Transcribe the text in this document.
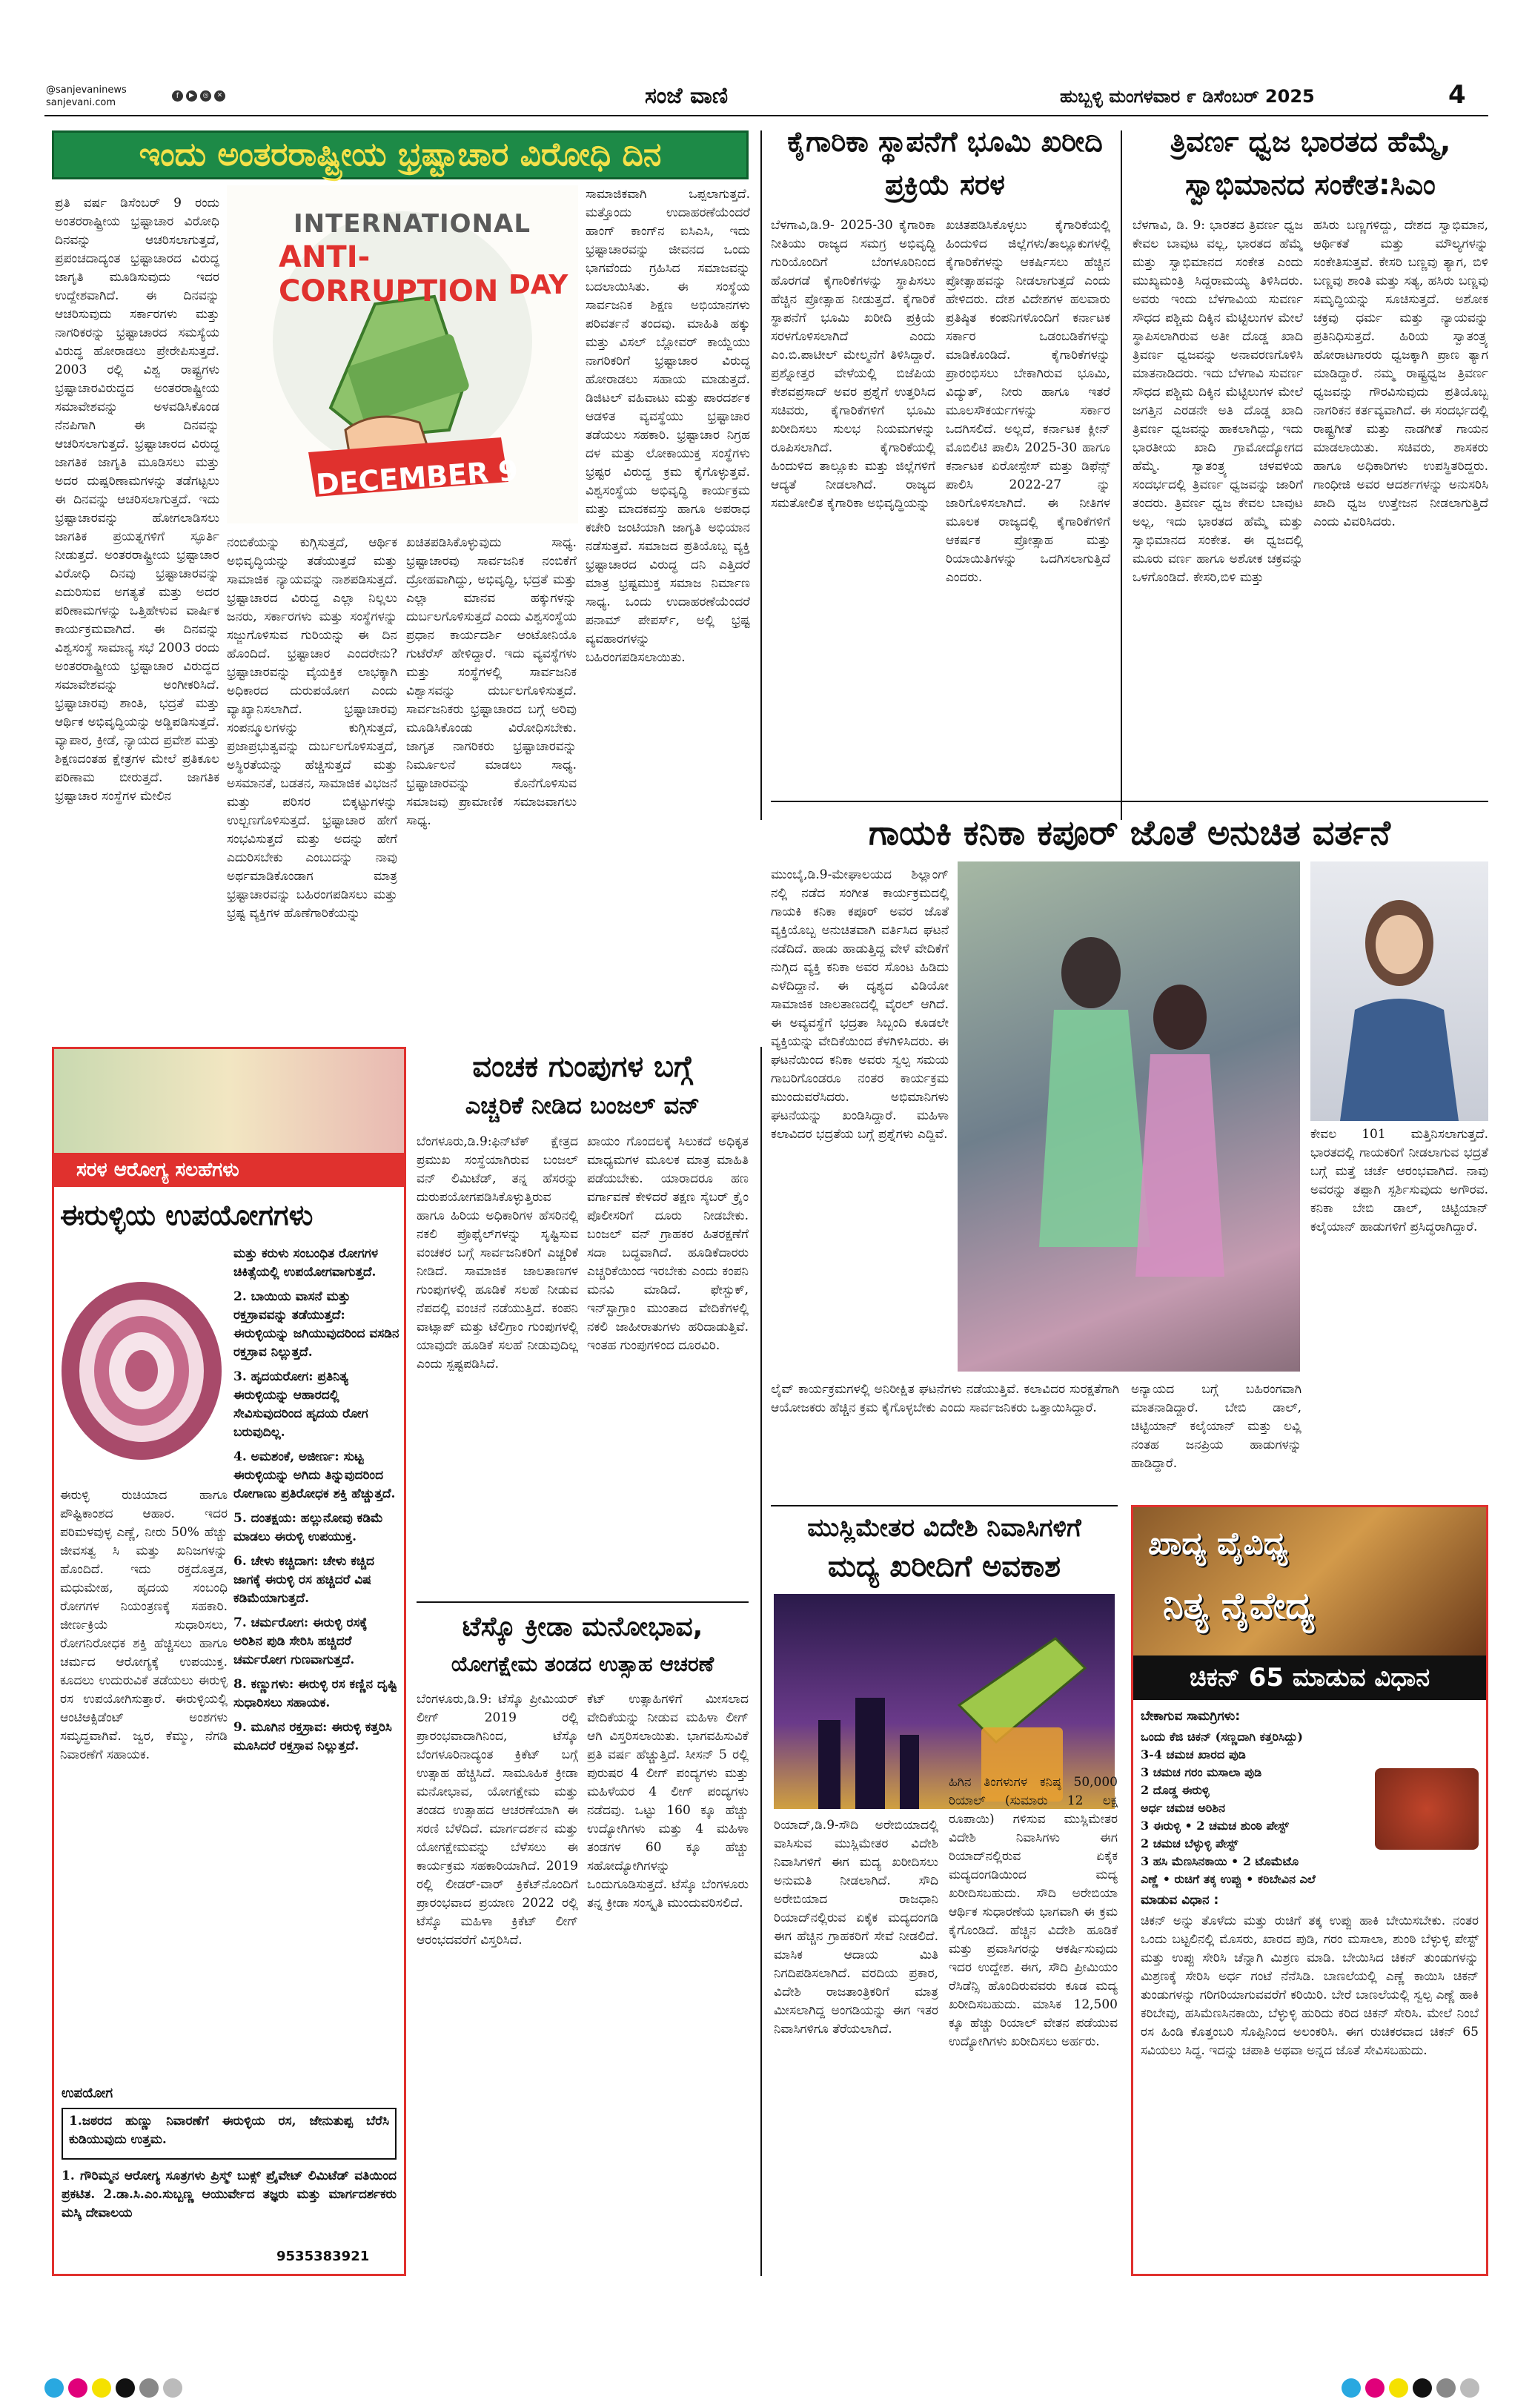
@sanjevaninews
sanjevani.com
f	▶	◎	✕	ಸಂಜೆ ವಾಣಿ	ಹುಬ್ಬಳ್ಳಿ ಮಂಗಳವಾರ ೯ ಡಿಸೆಂಬರ್ 2025	4
ಇಂದು ಅಂತರರಾಷ್ಟ್ರೀಯ ಭ್ರಷ್ಟಾಚಾರ ವಿರೋಧಿ ದಿನ
ಪ್ರತಿ ವರ್ಷ ಡಿಸೆಂಬರ್ 9 ರಂದು ಅಂತರರಾಷ್ಟ್ರೀಯ ಭ್ರಷ್ಟಾಚಾರ ವಿರೋಧಿ ದಿನವನ್ನು ಆಚರಿಸಲಾಗುತ್ತದೆ, ಪ್ರಪಂಚದಾದ್ಯಂತ ಭ್ರಷ್ಟಾಚಾರದ ವಿರುದ್ಧ ಜಾಗೃತಿ ಮೂಡಿಸುವುದು ಇದರ ಉದ್ದೇಶವಾಗಿದೆ. ಈ ದಿನವನ್ನು ಆಚರಿಸುವುದು ಸರ್ಕಾರಗಳು ಮತ್ತು ನಾಗರಿಕರನ್ನು ಭ್ರಷ್ಟಾಚಾರದ ಸಮಸ್ಯೆಯ ವಿರುದ್ಧ ಹೋರಾಡಲು ಪ್ರೇರೇಪಿಸುತ್ತದೆ. 2003 ರಲ್ಲಿ ವಿಶ್ವ ರಾಷ್ಟ್ರಗಳು ಭ್ರಷ್ಟಾಚಾರವಿರುದ್ಧದ ಅಂತರರಾಷ್ಟ್ರೀಯ ಸಮಾವೇಶವನ್ನು ಅಳವಡಿಸಿಕೊಂಡ ನೆನಪಿಗಾಗಿ ಈ ದಿನವನ್ನು ಆಚರಿಸಲಾಗುತ್ತದೆ. ಭ್ರಷ್ಟಾಚಾರದ ವಿರುದ್ಧ ಜಾಗತಿಕ ಜಾಗೃತಿ ಮೂಡಿಸಲು ಮತ್ತು ಅದರ ದುಷ್ಪರಿಣಾಮಗಳನ್ನು ತಡೆಗಟ್ಟಲು ಈ ದಿನವನ್ನು ಆಚರಿಸಲಾಗುತ್ತದೆ. ಇದು ಭ್ರಷ್ಟಾಚಾರವನ್ನು ಹೋಗಲಾಡಿಸಲು ಜಾಗತಿಕ ಪ್ರಯತ್ನಗಳಿಗೆ ಸ್ಫೂರ್ತಿ ನೀಡುತ್ತದೆ. ಅಂತರರಾಷ್ಟ್ರೀಯ ಭ್ರಷ್ಟಾಚಾರ ವಿರೋಧಿ ದಿನವು ಭ್ರಷ್ಟಾಚಾರವನ್ನು ಎದುರಿಸುವ ಅಗತ್ಯತೆ ಮತ್ತು ಅದರ ಪರಿಣಾಮಗಳನ್ನು ಒತ್ತಿಹೇಳುವ ವಾರ್ಷಿಕ ಕಾರ್ಯಕ್ರಮವಾಗಿದೆ. ಈ ದಿನವನ್ನು ವಿಶ್ವಸಂಸ್ಥೆ ಸಾಮಾನ್ಯ ಸಭೆ 2003 ರಂದು ಅಂತರರಾಷ್ಟ್ರೀಯ ಭ್ರಷ್ಟಾಚಾರ ವಿರುದ್ಧದ ಸಮಾವೇಶವನ್ನು ಅಂಗೀಕರಿಸಿದೆ. ಭ್ರಷ್ಟಾಚಾರವು ಶಾಂತಿ, ಭದ್ರತೆ ಮತ್ತು ಆರ್ಥಿಕ ಅಭಿವೃದ್ಧಿಯನ್ನು ಅಡ್ಡಿಪಡಿಸುತ್ತದೆ. ವ್ಯಾಪಾರ, ಕ್ರೀಡೆ, ನ್ಯಾಯದ ಪ್ರವೇಶ ಮತ್ತು ಶಿಕ್ಷಣದಂತಹ ಕ್ಷೇತ್ರಗಳ ಮೇಲೆ ಪ್ರತಿಕೂಲ ಪರಿಣಾಮ ಬೀರುತ್ತದೆ. ಜಾಗತಿಕ ಭ್ರಷ್ಟಾಚಾರ ಸಂಸ್ಥೆಗಳ ಮೇಲಿನ
INTERNATIONAL
ANTI-CORRUPTION DAY
DECEMBER 9
ನಂಬಿಕೆಯನ್ನು ಕುಗ್ಗಿಸುತ್ತದೆ, ಆರ್ಥಿಕ ಅಭಿವೃದ್ಧಿಯನ್ನು ತಡೆಯುತ್ತದೆ ಮತ್ತು ಸಾಮಾಜಿಕ ನ್ಯಾಯವನ್ನು ನಾಶಪಡಿಸುತ್ತದೆ. ಭ್ರಷ್ಟಾಚಾರದ ವಿರುದ್ಧ ಎಲ್ಲಾ ನಿಲ್ಲಲು ಜನರು, ಸರ್ಕಾರಗಳು ಮತ್ತು ಸಂಸ್ಥೆಗಳನ್ನು ಸಜ್ಜುಗೊಳಿಸುವ ಗುರಿಯನ್ನು ಈ ದಿನ ಹೊಂದಿದೆ. ಭ್ರಷ್ಟಾಚಾರ ಎಂದರೇನು? ಭ್ರಷ್ಟಾಚಾರವನ್ನು ವೈಯಕ್ತಿಕ ಲಾಭಕ್ಕಾಗಿ ಅಧಿಕಾರದ ದುರುಪಯೋಗ ಎಂದು ವ್ಯಾಖ್ಯಾನಿಸಲಾಗಿದೆ. ಭ್ರಷ್ಟಾಚಾರವು ಸಂಪನ್ಮೂಲಗಳನ್ನು ಕುಗ್ಗಿಸುತ್ತದೆ, ಪ್ರಜಾಪ್ರಭುತ್ವವನ್ನು ದುರ್ಬಲಗೊಳಿಸುತ್ತದೆ, ಅಸ್ಥಿರತೆಯನ್ನು ಹೆಚ್ಚಿಸುತ್ತದೆ ಮತ್ತು ಅಸಮಾನತೆ, ಬಡತನ, ಸಾಮಾಜಿಕ ವಿಭಜನೆ ಮತ್ತು ಪರಿಸರ ಬಿಕ್ಕಟ್ಟುಗಳನ್ನು ಉಲ್ಬಣಗೊಳಿಸುತ್ತದೆ. ಭ್ರಷ್ಟಾಚಾರ ಹೇಗೆ ಸಂಭವಿಸುತ್ತದೆ ಮತ್ತು ಅದನ್ನು ಹೇಗೆ ಎದುರಿಸಬೇಕು ಎಂಬುದನ್ನು ನಾವು ಅರ್ಥಮಾಡಿಕೊಂಡಾಗ ಮಾತ್ರ ಭ್ರಷ್ಟಾಚಾರವನ್ನು ಬಹಿರಂಗಪಡಿಸಲು ಮತ್ತು ಭ್ರಷ್ಟ ವ್ಯಕ್ತಿಗಳ ಹೊಣೆಗಾರಿಕೆಯನ್ನು
ಖಚಿತಪಡಿಸಿಕೊಳ್ಳುವುದು ಸಾಧ್ಯ. ಭ್ರಷ್ಟಾಚಾರವು ಸಾರ್ವಜನಿಕ ನಂಬಿಕೆಗೆ ದ್ರೋಹವಾಗಿದ್ದು, ಅಭಿವೃದ್ಧಿ, ಭದ್ರತೆ ಮತ್ತು ಎಲ್ಲಾ ಮಾನವ ಹಕ್ಕುಗಳನ್ನು ದುರ್ಬಲಗೊಳಿಸುತ್ತದೆ ಎಂದು ವಿಶ್ವಸಂಸ್ಥೆಯ ಪ್ರಧಾನ ಕಾರ್ಯದರ್ಶಿ ಆಂಟೋನಿಯೊ ಗುಟೆರೆಸ್ ಹೇಳಿದ್ದಾರೆ. ಇದು ವ್ಯವಸ್ಥೆಗಳು ಮತ್ತು ಸಂಸ್ಥೆಗಳಲ್ಲಿ ಸಾರ್ವಜನಿಕ ವಿಶ್ವಾಸವನ್ನು ದುರ್ಬಲಗೊಳಿಸುತ್ತದೆ. ಸಾರ್ವಜನಿಕರು ಭ್ರಷ್ಟಾಚಾರದ ಬಗ್ಗೆ ಅರಿವು ಮೂಡಿಸಿಕೊಂಡು ವಿರೋಧಿಸಬೇಕು. ಜಾಗೃತ ನಾಗರಿಕರು ಭ್ರಷ್ಟಾಚಾರವನ್ನು ನಿರ್ಮೂಲನೆ ಮಾಡಲು ಸಾಧ್ಯ. ಭ್ರಷ್ಟಾಚಾರವನ್ನು ಕೊನೆಗೊಳಿಸುವ ಸಮಾಜವು ಪ್ರಾಮಾಣಿಕ ಸಮಾಜವಾಗಲು ಸಾಧ್ಯ.
ಸಾಮಾಜಿಕವಾಗಿ ಒಪ್ಪಲಾಗುತ್ತದೆ. ಮತ್ತೊಂದು ಉದಾಹರಣೆಯೆಂದರೆ ಹಾಂಗ್ ಕಾಂಗ್‌ನ ಐಸಿಎಸಿ, ಇದು ಭ್ರಷ್ಟಾಚಾರವನ್ನು ಜೀವನದ ಒಂದು ಭಾಗವೆಂದು ಗ್ರಹಿಸಿದ ಸಮಾಜವನ್ನು ಬದಲಾಯಿಸಿತು. ಈ ಸಂಸ್ಥೆಯ ಸಾರ್ವಜನಿಕ ಶಿಕ್ಷಣ ಅಭಿಯಾನಗಳು ಪರಿವರ್ತನೆ ತಂದವು. ಮಾಹಿತಿ ಹಕ್ಕು ಮತ್ತು ವಿಸಲ್ ಬ್ಲೋವರ್ ಕಾಯ್ದೆಯು ನಾಗರಿಕರಿಗೆ ಭ್ರಷ್ಟಾಚಾರ ವಿರುದ್ಧ ಹೋರಾಡಲು ಸಹಾಯ ಮಾಡುತ್ತದೆ. ಡಿಜಿಟಲ್ ವಹಿವಾಟು ಮತ್ತು ಪಾರದರ್ಶಕ ಆಡಳಿತ ವ್ಯವಸ್ಥೆಯು ಭ್ರಷ್ಟಾಚಾರ ತಡೆಯಲು ಸಹಕಾರಿ. ಭ್ರಷ್ಟಾಚಾರ ನಿಗ್ರಹ ದಳ ಮತ್ತು ಲೋಕಾಯುಕ್ತ ಸಂಸ್ಥೆಗಳು ಭ್ರಷ್ಟರ ವಿರುದ್ಧ ಕ್ರಮ ಕೈಗೊಳ್ಳುತ್ತವೆ. ವಿಶ್ವಸಂಸ್ಥೆಯ ಅಭಿವೃದ್ಧಿ ಕಾರ್ಯಕ್ರಮ ಮತ್ತು ಮಾದಕವಸ್ತು ಹಾಗೂ ಅಪರಾಧ ಕಚೇರಿ ಜಂಟಿಯಾಗಿ ಜಾಗೃತಿ ಅಭಿಯಾನ ನಡೆಸುತ್ತವೆ. ಸಮಾಜದ ಪ್ರತಿಯೊಬ್ಬ ವ್ಯಕ್ತಿ ಭ್ರಷ್ಟಾಚಾರದ ವಿರುದ್ಧ ದನಿ ಎತ್ತಿದರೆ ಮಾತ್ರ ಭ್ರಷ್ಟಮುಕ್ತ ಸಮಾಜ ನಿರ್ಮಾಣ ಸಾಧ್ಯ. ಒಂದು ಉದಾಹರಣೆಯೆಂದರೆ ಪನಾಮ್ ಪೇಪರ್ಸ್, ಅಲ್ಲಿ ಭ್ರಷ್ಟ ವ್ಯವಹಾರಗಳನ್ನು ಬಹಿರಂಗಪಡಿಸಲಾಯಿತು.
ಕೈಗಾರಿಕಾ ಸ್ಥಾಪನೆಗೆ ಭೂಮಿ ಖರೀದಿ ಪ್ರಕ್ರಿಯೆ ಸರಳ
ಬೆಳಗಾವಿ,ಡಿ.9- 2025-30 ಕೈಗಾರಿಕಾ ನೀತಿಯು ರಾಜ್ಯದ ಸಮಗ್ರ ಅಭಿವೃದ್ಧಿ ಗುರಿಯೊಂದಿಗೆ ಬೆಂಗಳೂರಿನಿಂದ ಹೊರಗಡೆ ಕೈಗಾರಿಕೆಗಳನ್ನು ಸ್ಥಾಪಿಸಲು ಹೆಚ್ಚಿನ ಪ್ರೋತ್ಸಾಹ ನೀಡುತ್ತದೆ. ಕೈಗಾರಿಕೆ ಸ್ಥಾಪನೆಗೆ ಭೂಮಿ ಖರೀದಿ ಪ್ರಕ್ರಿಯೆ ಸರಳಗೊಳಿಸಲಾಗಿದೆ ಎಂದು ಎಂ.ಬಿ.ಪಾಟೀಲ್ ಮೇಲ್ಮನೆಗೆ ತಿಳಿಸಿದ್ದಾರೆ. ಪ್ರಶ್ನೋತ್ತರ ವೇಳೆಯಲ್ಲಿ ಬಿಜೆಪಿಯ ಕೇಶವಪ್ರಸಾದ್ ಅವರ ಪ್ರಶ್ನೆಗೆ ಉತ್ತರಿಸಿದ ಸಚಿವರು, ಕೈಗಾರಿಕೆಗಳಿಗೆ ಭೂಮಿ ಖರೀದಿಸಲು ಸುಲಭ ನಿಯಮಗಳನ್ನು ರೂಪಿಸಲಾಗಿದೆ. ಕೈಗಾರಿಕೆಯಲ್ಲಿ ಹಿಂದುಳಿದ ತಾಲ್ಲೂಕು ಮತ್ತು ಜಿಲ್ಲೆಗಳಿಗೆ ಆದ್ಯತೆ ನೀಡಲಾಗಿದೆ. ರಾಜ್ಯದ ಸಮತೋಲಿತ ಕೈಗಾರಿಕಾ ಅಭಿವೃದ್ಧಿಯನ್ನು
ಖಚಿತಪಡಿಸಿಕೊಳ್ಳಲು ಕೈಗಾರಿಕೆಯಲ್ಲಿ ಹಿಂದುಳಿದ ಜಿಲ್ಲೆಗಳು/ತಾಲ್ಲೂಕುಗಳಲ್ಲಿ ಕೈಗಾರಿಕೆಗಳನ್ನು ಆಕರ್ಷಿಸಲು ಹೆಚ್ಚಿನ ಪ್ರೋತ್ಸಾಹವನ್ನು ನೀಡಲಾಗುತ್ತದೆ ಎಂದು ಹೇಳಿದರು. ದೇಶ ವಿದೇಶಗಳ ಹಲವಾರು ಪ್ರತಿಷ್ಠಿತ ಕಂಪನಿಗಳೊಂದಿಗೆ ಕರ್ನಾಟಕ ಸರ್ಕಾರ ಒಡಂಬಡಿಕೆಗಳನ್ನು ಮಾಡಿಕೊಂಡಿದೆ. ಕೈಗಾರಿಕೆಗಳನ್ನು ಪ್ರಾರಂಭಿಸಲು ಬೇಕಾಗಿರುವ ಭೂಮಿ, ವಿದ್ಯುತ್, ನೀರು ಹಾಗೂ ಇತರೆ ಮೂಲಸೌಕರ್ಯಗಳನ್ನು ಸರ್ಕಾರ ಒದಗಿಸಲಿದೆ. ಅಲ್ಲದೆ, ಕರ್ನಾಟಕ ಕ್ಲೀನ್ ಮೊಬಿಲಿಟಿ ಪಾಲಿಸಿ 2025-30 ಹಾಗೂ ಕರ್ನಾಟಕ ಏರೋಸ್ಪೇಸ್ ಮತ್ತು ಡಿಫೆನ್ಸ್ ಪಾಲಿಸಿ 2022-27 ನ್ನು ಜಾರಿಗೊಳಿಸಲಾಗಿದೆ. ಈ ನೀತಿಗಳ ಮೂಲಕ ರಾಜ್ಯದಲ್ಲಿ ಕೈಗಾರಿಕೆಗಳಿಗೆ ಆಕರ್ಷಕ ಪ್ರೋತ್ಸಾಹ ಮತ್ತು ರಿಯಾಯಿತಿಗಳನ್ನು ಒದಗಿಸಲಾಗುತ್ತಿದೆ ಎಂದರು.
ತ್ರಿವರ್ಣ ಧ್ವಜ ಭಾರತದ ಹೆಮ್ಮೆ, ಸ್ವಾಭಿಮಾನದ ಸಂಕೇತ:ಸಿಎಂ
ಬೆಳಗಾವಿ, ಡಿ. 9: ಭಾರತದ ತ್ರಿವರ್ಣ ಧ್ವಜ ಕೇವಲ ಬಾವುಟ ವಲ್ಲ, ಭಾರತದ ಹೆಮ್ಮೆ ಮತ್ತು ಸ್ವಾಭಿಮಾನದ ಸಂಕೇತ ಎಂದು ಮುಖ್ಯಮಂತ್ರಿ ಸಿದ್ದರಾಮಯ್ಯ ತಿಳಿಸಿದರು. ಅವರು ಇಂದು ಬೆಳಗಾವಿಯ ಸುವರ್ಣ ಸೌಧದ ಪಶ್ಚಿಮ ದಿಕ್ಕಿನ ಮೆಟ್ಟಿಲುಗಳ ಮೇಲೆ ಸ್ಥಾಪಿಸಲಾಗಿರುವ ಅತೀ ದೊಡ್ಡ ಖಾದಿ ತ್ರಿವರ್ಣ ಧ್ವಜವನ್ನು ಅನಾವರಣಗೊಳಿಸಿ ಮಾತನಾಡಿದರು. ಇದು ಬೆಳಗಾವಿ ಸುವರ್ಣ ಸೌಧದ ಪಶ್ಚಿಮ ದಿಕ್ಕಿನ ಮೆಟ್ಟಿಲುಗಳ ಮೇಲೆ ಜಗತ್ತಿನ ಎರಡನೇ ಅತಿ ದೊಡ್ಡ ಖಾದಿ ತ್ರಿವರ್ಣ ಧ್ವಜವನ್ನು ಹಾಕಲಾಗಿದ್ದು, ಇದು ಭಾರತೀಯ ಖಾದಿ ಗ್ರಾಮೋದ್ಯೋಗದ ಹೆಮ್ಮೆ. ಸ್ವಾತಂತ್ರ್ಯ ಚಳವಳಿಯ ಸಂದರ್ಭದಲ್ಲಿ ತ್ರಿವರ್ಣ ಧ್ವಜವನ್ನು ಜಾರಿಗೆ ತಂದರು. ತ್ರಿವರ್ಣ ಧ್ವಜ ಕೇವಲ ಬಾವುಟ ಅಲ್ಲ, ಇದು ಭಾರತದ ಹೆಮ್ಮೆ ಮತ್ತು ಸ್ವಾಭಿಮಾನದ ಸಂಕೇತ. ಈ ಧ್ವಜದಲ್ಲಿ ಮೂರು ವರ್ಣ ಹಾಗೂ ಅಶೋಕ ಚಕ್ರವನ್ನು ಒಳಗೊಂಡಿದೆ. ಕೇಸರಿ,ಬಿಳಿ ಮತ್ತು
ಹಸಿರು ಬಣ್ಣಗಳಿದ್ದು, ದೇಶದ ಸ್ವಾಭಿಮಾನ, ಆರ್ಥಿಕತೆ ಮತ್ತು ಮೌಲ್ಯಗಳನ್ನು ಸಂಕೇತಿಸುತ್ತವೆ. ಕೇಸರಿ ಬಣ್ಣವು ತ್ಯಾಗ, ಬಿಳಿ ಬಣ್ಣವು ಶಾಂತಿ ಮತ್ತು ಸತ್ಯ, ಹಸಿರು ಬಣ್ಣವು ಸಮೃದ್ಧಿಯನ್ನು ಸೂಚಿಸುತ್ತದೆ. ಅಶೋಕ ಚಕ್ರವು ಧರ್ಮ ಮತ್ತು ನ್ಯಾಯವನ್ನು ಪ್ರತಿನಿಧಿಸುತ್ತದೆ. ಹಿರಿಯ ಸ್ವಾತಂತ್ರ್ಯ ಹೋರಾಟಗಾರರು ಧ್ವಜಕ್ಕಾಗಿ ಪ್ರಾಣ ತ್ಯಾಗ ಮಾಡಿದ್ದಾರೆ. ನಮ್ಮ ರಾಷ್ಟ್ರಧ್ವಜ ತ್ರಿವರ್ಣ ಧ್ವಜವನ್ನು ಗೌರವಿಸುವುದು ಪ್ರತಿಯೊಬ್ಬ ನಾಗರಿಕನ ಕರ್ತವ್ಯವಾಗಿದೆ. ಈ ಸಂದರ್ಭದಲ್ಲಿ ರಾಷ್ಟ್ರಗೀತೆ ಮತ್ತು ನಾಡಗೀತೆ ಗಾಯನ ಮಾಡಲಾಯಿತು. ಸಚಿವರು, ಶಾಸಕರು ಹಾಗೂ ಅಧಿಕಾರಿಗಳು ಉಪಸ್ಥಿತರಿದ್ದರು. ಗಾಂಧೀಜಿ ಅವರ ಆದರ್ಶಗಳನ್ನು ಅನುಸರಿಸಿ ಖಾದಿ ಧ್ವಜ ಉತ್ತೇಜನ ನೀಡಲಾಗುತ್ತಿದೆ ಎಂದು ವಿವರಿಸಿದರು.
ಗಾಯಕಿ ಕನಿಕಾ ಕಪೂರ್ ಜೊತೆ ಅನುಚಿತ ವರ್ತನೆ
ಮುಂಬೈ,ಡಿ.9-ಮೇಘಾಲಯದ ಶಿಲ್ಲಾಂಗ್ ನಲ್ಲಿ ನಡೆದ ಸಂಗೀತ ಕಾರ್ಯಕ್ರಮದಲ್ಲಿ ಗಾಯಕಿ ಕನಿಕಾ ಕಪೂರ್ ಅವರ ಜೊತೆ ವ್ಯಕ್ತಿಯೊಬ್ಬ ಅನುಚಿತವಾಗಿ ವರ್ತಿಸಿದ ಘಟನೆ ನಡೆದಿದೆ. ಹಾಡು ಹಾಡುತ್ತಿದ್ದ ವೇಳೆ ವೇದಿಕೆಗೆ ನುಗ್ಗಿದ ವ್ಯಕ್ತಿ ಕನಿಕಾ ಅವರ ಸೊಂಟ ಹಿಡಿದು ಎಳೆದಿದ್ದಾನೆ. ಈ ದೃಶ್ಯದ ವಿಡಿಯೋ ಸಾಮಾಜಿಕ ಜಾಲತಾಣದಲ್ಲಿ ವೈರಲ್ ಆಗಿದೆ. ಈ ಅವ್ಯವಸ್ಥೆಗೆ ಭದ್ರತಾ ಸಿಬ್ಬಂದಿ ಕೂಡಲೇ ವ್ಯಕ್ತಿಯನ್ನು ವೇದಿಕೆಯಿಂದ ಕೆಳಗಿಳಿಸಿದರು. ಈ ಘಟನೆಯಿಂದ ಕನಿಕಾ ಅವರು ಸ್ವಲ್ಪ ಸಮಯ ಗಾಬರಿಗೊಂಡರೂ ನಂತರ ಕಾರ್ಯಕ್ರಮ ಮುಂದುವರೆಸಿದರು. ಅಭಿಮಾನಿಗಳು ಘಟನೆಯನ್ನು ಖಂಡಿಸಿದ್ದಾರೆ. ಮಹಿಳಾ ಕಲಾವಿದರ ಭದ್ರತೆಯ ಬಗ್ಗೆ ಪ್ರಶ್ನೆಗಳು ಎದ್ದಿವೆ.	ಕೇವಲ 101 ಮತ್ತಿನಿಸಲಾಗುತ್ತದೆ. ಭಾರತದಲ್ಲಿ ಗಾಯಕರಿಗೆ ನೀಡಲಾಗುವ ಭದ್ರತೆ ಬಗ್ಗೆ ಮತ್ತೆ ಚರ್ಚೆ ಆರಂಭವಾಗಿದೆ. ನಾವು ಅವರನ್ನು ತಪ್ಪಾಗಿ ಸ್ಪರ್ಶಿಸುವುದು ಅಗೌರವ. ಕನಿಕಾ ಬೇಬಿ ಡಾಲ್, ಚಿಟ್ಟಿಯಾನ್ ಕಲೈಯಾನ್ ಹಾಡುಗಳಿಗೆ ಪ್ರಸಿದ್ಧರಾಗಿದ್ದಾರೆ.
ಲೈವ್ ಕಾರ್ಯಕ್ರಮಗಳಲ್ಲಿ ಅನಿರೀಕ್ಷಿತ ಘಟನೆಗಳು ನಡೆಯುತ್ತಿವೆ. ಕಲಾವಿದರ ಸುರಕ್ಷತೆಗಾಗಿ ಆಯೋಜಕರು ಹೆಚ್ಚಿನ ಕ್ರಮ ಕೈಗೊಳ್ಳಬೇಕು ಎಂದು ಸಾರ್ವಜನಿಕರು ಒತ್ತಾಯಿಸಿದ್ದಾರೆ.
ಅನ್ಯಾಯದ ಬಗ್ಗೆ ಬಹಿರಂಗವಾಗಿ ಮಾತನಾಡಿದ್ದಾರೆ. ಬೇಬಿ ಡಾಲ್, ಚಿಟ್ಟಿಯಾನ್ ಕಲೈಯಾನ್ ಮತ್ತು ಲವ್ಲಿ ನಂತಹ ಜನಪ್ರಿಯ ಹಾಡುಗಳನ್ನು ಹಾಡಿದ್ದಾರೆ.
ಸರಳ ಆರೋಗ್ಯ ಸಲಹೆಗಳು
ಈರುಳ್ಳಿಯ ಉಪಯೋಗಗಳು
ಮತ್ತು ಕರುಳು ಸಂಬಂಧಿತ ರೋಗಗಳ ಚಿಕಿತ್ಸೆಯಲ್ಲಿ ಉಪಯೋಗವಾಗುತ್ತದೆ.
2. ಬಾಯಿಯ ವಾಸನೆ ಮತ್ತು ರಕ್ತಸ್ರಾವವನ್ನು ತಡೆಯುತ್ತದೆ: ಈರುಳ್ಳಿಯನ್ನು ಜಗಿಯುವುದರಿಂದ ವಸಡಿನ ರಕ್ತಸ್ರಾವ ನಿಲ್ಲುತ್ತದೆ.
3. ಹೃದಯರೋಗ: ಪ್ರತಿನಿತ್ಯ ಈರುಳ್ಳಿಯನ್ನು ಆಹಾರದಲ್ಲಿ ಸೇವಿಸುವುದರಿಂದ ಹೃದಯ ರೋಗ ಬರುವುದಿಲ್ಲ.
4. ಅಮಶಂಕೆ, ಅಜೀರ್ಣ: ಸುಟ್ಟ ಈರುಳ್ಳಿಯನ್ನು ಅಗಿದು ತಿನ್ನುವುದರಿಂದ ರೋಗಾಣು ಪ್ರತಿರೋಧಕ ಶಕ್ತಿ ಹೆಚ್ಚುತ್ತದೆ.
5. ದಂತಕ್ಷಯ: ಹಲ್ಲುನೋವು ಕಡಿಮೆ ಮಾಡಲು ಈರುಳ್ಳಿ ಉಪಯುಕ್ತ.
6. ಚೇಳು ಕಚ್ಚಿದಾಗ: ಚೇಳು ಕಚ್ಚಿದ ಜಾಗಕ್ಕೆ ಈರುಳ್ಳಿ ರಸ ಹಚ್ಚಿದರೆ ವಿಷ ಕಡಿಮೆಯಾಗುತ್ತದೆ.
7. ಚರ್ಮರೋಗ: ಈರುಳ್ಳಿ ರಸಕ್ಕೆ ಅರಿಶಿನ ಪುಡಿ ಸೇರಿಸಿ ಹಚ್ಚಿದರೆ ಚರ್ಮರೋಗ ಗುಣವಾಗುತ್ತದೆ.
8. ಕಣ್ಣುಗಳು: ಈರುಳ್ಳಿ ರಸ ಕಣ್ಣಿನ ದೃಷ್ಟಿ ಸುಧಾರಿಸಲು ಸಹಾಯಕ.
9. ಮೂಗಿನ ರಕ್ತಸ್ರಾವ: ಈರುಳ್ಳಿ ಕತ್ತರಿಸಿ ಮೂಸಿದರೆ ರಕ್ತಸ್ರಾವ ನಿಲ್ಲುತ್ತದೆ.
ಈರುಳ್ಳಿ ರುಚಿಯಾದ ಹಾಗೂ ಪೌಷ್ಟಿಕಾಂಶದ ಆಹಾರ. ಇದರ ಪರಿಮಳವುಳ್ಳ ಎಣ್ಣೆ, ನೀರು 50% ಹೆಚ್ಚು ಜೀವಸತ್ವ ಸಿ ಮತ್ತು ಖನಿಜಗಳನ್ನು ಹೊಂದಿದೆ. ಇದು ರಕ್ತದೊತ್ತಡ, ಮಧುಮೇಹ, ಹೃದಯ ಸಂಬಂಧಿ ರೋಗಗಳ ನಿಯಂತ್ರಣಕ್ಕೆ ಸಹಕಾರಿ. ಜೀರ್ಣಕ್ರಿಯೆ ಸುಧಾರಿಸಲು, ರೋಗನಿರೋಧಕ ಶಕ್ತಿ ಹೆಚ್ಚಿಸಲು ಹಾಗೂ ಚರ್ಮದ ಆರೋಗ್ಯಕ್ಕೆ ಉಪಯುಕ್ತ. ಕೂದಲು ಉದುರುವಿಕೆ ತಡೆಯಲು ಈರುಳ್ಳಿ ರಸ ಉಪಯೋಗಿಸುತ್ತಾರೆ. ಈರುಳ್ಳಿಯಲ್ಲಿ ಆಂಟಿಆಕ್ಸಿಡೆಂಟ್ ಅಂಶಗಳು ಸಮೃದ್ಧವಾಗಿವೆ. ಜ್ವರ, ಕೆಮ್ಮು, ನೆಗಡಿ ನಿವಾರಣೆಗೆ ಸಹಾಯಕ.
ಉಪಯೋಗ
1.ಜಠರದ ಹುಣ್ಣು ನಿವಾರಣೆಗೆ ಈರುಳ್ಳಿಯ ರಸ, ಜೇನುತುಪ್ಪ ಬೆರೆಸಿ ಕುಡಿಯುವುದು ಉತ್ತಮ.
1. ಗೌರಿಮ್ಮನ ಆರೋಗ್ಯ ಸೂತ್ರಗಳು ಪ್ರಿಸ್ಮ್ ಬುಕ್ಸ್ ಪ್ರೈವೇಟ್ ಲಿಮಿಟೆಡ್ ವತಿಯಿಂದ ಪ್ರಕಟಿತ. 2.ಡಾ.ಸಿ.ಎಂ.ಸುಬ್ಬಣ್ಣ ಆಯುರ್ವೇದ ತಜ್ಞರು ಮತ್ತು ಮಾರ್ಗದರ್ಶಕರು ಮಸ್ಕಿ ದೇವಾಲಯ
9535383921
ವಂಚಕ ಗುಂಪುಗಳ ಬಗ್ಗೆ
ಎಚ್ಚರಿಕೆ ನೀಡಿದ ಬಂಜಲ್ ವನ್
ಬೆಂಗಳೂರು,ಡಿ.9:ಫಿನ್‌ಟೆಕ್ ಕ್ಷೇತ್ರದ ಪ್ರಮುಖ ಸಂಸ್ಥೆಯಾಗಿರುವ ಬಂಜಲ್ ವನ್ ಲಿಮಿಟೆಡ್, ತನ್ನ ಹೆಸರನ್ನು ದುರುಪಯೋಗಪಡಿಸಿಕೊಳ್ಳುತ್ತಿರುವ ಹಾಗೂ ಹಿರಿಯ ಅಧಿಕಾರಿಗಳ ಹೆಸರಿನಲ್ಲಿ ನಕಲಿ ಪ್ರೊಫೈಲ್‌ಗಳನ್ನು ಸೃಷ್ಟಿಸುವ ವಂಚಕರ ಬಗ್ಗೆ ಸಾರ್ವಜನಿಕರಿಗೆ ಎಚ್ಚರಿಕೆ ನೀಡಿದೆ. ಸಾಮಾಜಿಕ ಜಾಲತಾಣಗಳ ಗುಂಪುಗಳಲ್ಲಿ ಹೂಡಿಕೆ ಸಲಹೆ ನೀಡುವ ನೆಪದಲ್ಲಿ ವಂಚನೆ ನಡೆಯುತ್ತಿದೆ. ಕಂಪನಿ ವಾಟ್ಸಾಪ್ ಮತ್ತು ಟೆಲಿಗ್ರಾಂ ಗುಂಪುಗಳಲ್ಲಿ ಯಾವುದೇ ಹೂಡಿಕೆ ಸಲಹೆ ನೀಡುವುದಿಲ್ಲ ಎಂದು ಸ್ಪಷ್ಟಪಡಿಸಿದೆ.
ಖಾಯಂ ಗೊಂದಲಕ್ಕೆ ಸಿಲುಕದೆ ಅಧಿಕೃತ ಮಾಧ್ಯಮಗಳ ಮೂಲಕ ಮಾತ್ರ ಮಾಹಿತಿ ಪಡೆಯಬೇಕು. ಯಾರಾದರೂ ಹಣ ವರ್ಗಾವಣೆ ಕೇಳಿದರೆ ತಕ್ಷಣ ಸೈಬರ್ ಕ್ರೈಂ ಪೊಲೀಸರಿಗೆ ದೂರು ನೀಡಬೇಕು. ಬಂಜಲ್ ವನ್ ಗ್ರಾಹಕರ ಹಿತರಕ್ಷಣೆಗೆ ಸದಾ ಬದ್ಧವಾಗಿದೆ. ಹೂಡಿಕೆದಾರರು ಎಚ್ಚರಿಕೆಯಿಂದ ಇರಬೇಕು ಎಂದು ಕಂಪನಿ ಮನವಿ ಮಾಡಿದೆ. ಫೇಸ್ಬುಕ್, ಇನ್‌ಸ್ಟಾಗ್ರಾಂ ಮುಂತಾದ ವೇದಿಕೆಗಳಲ್ಲಿ ನಕಲಿ ಜಾಹೀರಾತುಗಳು ಹರಿದಾಡುತ್ತಿವೆ. ಇಂತಹ ಗುಂಪುಗಳಿಂದ ದೂರವಿರಿ.
ಟೆಸ್ಕೊ ಕ್ರೀಡಾ ಮನೋಭಾವ,
ಯೋಗಕ್ಷೇಮ ತಂಡದ ಉತ್ಸಾಹ ಆಚರಣೆ
ಬೆಂಗಳೂರು,ಡಿ.9: ಟೆಸ್ಕೊ ಪ್ರೀಮಿಯರ್ ಲೀಗ್ 2019 ರಲ್ಲಿ ಪ್ರಾರಂಭವಾದಾಗಿನಿಂದ, ಟೆಸ್ಕೊ ಬೆಂಗಳೂರಿನಾದ್ಯಂತ ಕ್ರಿಕೆಟ್ ಬಗ್ಗೆ ಉತ್ಸಾಹ ಹೆಚ್ಚಿಸಿದೆ. ಸಾಮೂಹಿಕ ಕ್ರೀಡಾ ಮನೋಭಾವ, ಯೋಗಕ್ಷೇಮ ಮತ್ತು ತಂಡದ ಉತ್ಸಾಹದ ಆಚರಣೆಯಾಗಿ ಈ ಸರಣಿ ಬೆಳೆದಿದೆ. ಮಾರ್ಗದರ್ಶನ ಮತ್ತು ಯೋಗಕ್ಷೇಮವನ್ನು ಬೆಳೆಸಲು ಈ ಕಾರ್ಯಕ್ರಮ ಸಹಕಾರಿಯಾಗಿದೆ. 2019 ರಲ್ಲಿ ಲೀಡರ್-ವಾರ್ ಕ್ರಿಕೆಟ್‌ನೊಂದಿಗೆ ಪ್ರಾರಂಭವಾದ ಪ್ರಯಾಣ 2022 ರಲ್ಲಿ ಟೆಸ್ಕೊ ಮಹಿಳಾ ಕ್ರಿಕೆಟ್ ಲೀಗ್ ಆರಂಭದವರೆಗೆ ವಿಸ್ತರಿಸಿದೆ.
ಕೆಟ್ ಉತ್ಸಾಹಿಗಳಿಗೆ ಮೀಸಲಾದ ವೇದಿಕೆಯನ್ನು ನೀಡುವ ಮಹಿಳಾ ಲೀಗ್ ಆಗಿ ವಿಸ್ತರಿಸಲಾಯಿತು. ಭಾಗವಹಿಸುವಿಕೆ ಪ್ರತಿ ವರ್ಷ ಹೆಚ್ಚುತ್ತಿದೆ. ಸೀಸನ್ 5 ರಲ್ಲಿ ಪುರುಷರ 4 ಲೀಗ್ ಪಂದ್ಯಗಳು ಮತ್ತು ಮಹಿಳೆಯರ 4 ಲೀಗ್ ಪಂದ್ಯಗಳು ನಡೆದವು. ಒಟ್ಟು 160 ಕ್ಕೂ ಹೆಚ್ಚು ಉದ್ಯೋಗಿಗಳು ಮತ್ತು 4 ಮಹಿಳಾ ತಂಡಗಳ 60 ಕ್ಕೂ ಹೆಚ್ಚು ಸಹೋದ್ಯೋಗಿಗಳನ್ನು ಒಂದುಗೂಡಿಸುತ್ತದೆ. ಟೆಸ್ಕೊ ಬೆಂಗಳೂರು ತನ್ನ ಕ್ರೀಡಾ ಸಂಸ್ಕೃತಿ ಮುಂದುವರಿಸಲಿದೆ.
ಮುಸ್ಲಿಮೇತರ ವಿದೇಶಿ ನಿವಾಸಿಗಳಿಗೆ
ಮದ್ಯ ಖರೀದಿಗೆ ಅವಕಾಶ
ರಿಯಾದ್,ಡಿ.9-ಸೌದಿ ಅರೇಬಿಯಾದಲ್ಲಿ ವಾಸಿಸುವ ಮುಸ್ಲಿಮೇತರ ವಿದೇಶಿ ನಿವಾಸಿಗಳಿಗೆ ಈಗ ಮದ್ಯ ಖರೀದಿಸಲು ಅನುಮತಿ ನೀಡಲಾಗಿದೆ. ಸೌದಿ ಅರೇಬಿಯಾದ ರಾಜಧಾನಿ ರಿಯಾದ್‌ನಲ್ಲಿರುವ ಏಕೈಕ ಮದ್ಯದಂಗಡಿ ಈಗ ಹೆಚ್ಚಿನ ಗ್ರಾಹಕರಿಗೆ ಸೇವೆ ನೀಡಲಿದೆ. ಮಾಸಿಕ ಆದಾಯ ಮಿತಿ ನಿಗದಿಪಡಿಸಲಾಗಿದೆ. ವರದಿಯ ಪ್ರಕಾರ, ವಿದೇಶಿ ರಾಜತಾಂತ್ರಿಕರಿಗೆ ಮಾತ್ರ ಮೀಸಲಾಗಿದ್ದ ಅಂಗಡಿಯನ್ನು ಈಗ ಇತರ ನಿವಾಸಿಗಳಿಗೂ ತೆರೆಯಲಾಗಿದೆ.
ಹಿಗಿನ ತಿಂಗಳುಗಳ ಕನಿಷ್ಠ 50,000 ರಿಯಾಲ್ (ಸುಮಾರು 12 ಲಕ್ಷ ರೂಪಾಯಿ) ಗಳಿಸುವ ಮುಸ್ಲಿಮೇತರ ವಿದೇಶಿ ನಿವಾಸಿಗಳು ಈಗ ರಿಯಾದ್‌ನಲ್ಲಿರುವ ಏಕೈಕ ಮದ್ಯದಂಗಡಿಯಿಂದ ಮದ್ಯ ಖರೀದಿಸಬಹುದು. ಸೌದಿ ಅರೇಬಿಯಾ ಆರ್ಥಿಕ ಸುಧಾರಣೆಯ ಭಾಗವಾಗಿ ಈ ಕ್ರಮ ಕೈಗೊಂಡಿದೆ. ಹೆಚ್ಚಿನ ವಿದೇಶಿ ಹೂಡಿಕೆ ಮತ್ತು ಪ್ರವಾಸಿಗರನ್ನು ಆಕರ್ಷಿಸುವುದು ಇದರ ಉದ್ದೇಶ. ಈಗ, ಸೌದಿ ಪ್ರೀಮಿಯಂ ರೆಸಿಡೆನ್ಸಿ ಹೊಂದಿರುವವರು ಕೂಡ ಮದ್ಯ ಖರೀದಿಸಬಹುದು. ಮಾಸಿಕ 12,500 ಕ್ಕೂ ಹೆಚ್ಚು ರಿಯಾಲ್ ವೇತನ ಪಡೆಯುವ ಉದ್ಯೋಗಿಗಳು ಖರೀದಿಸಲು ಅರ್ಹರು.
ಖಾದ್ಯ ವೈವಿಧ್ಯ
ನಿತ್ಯ ನೈವೇದ್ಯ
ಚಿಕನ್ 65 ಮಾಡುವ ವಿಧಾನ
ಬೇಕಾಗುವ ಸಾಮಗ್ರಿಗಳು:
ಒಂದು ಕೆಜಿ ಚಿಕನ್ (ಸಣ್ಣದಾಗಿ ಕತ್ತರಿಸಿದ್ದು)
3-4 ಚಮಚ ಖಾರದ ಪುಡಿ
3 ಚಮಚ ಗರಂ ಮಸಾಲಾ ಪುಡಿ
2 ದೊಡ್ಡ ಈರುಳ್ಳಿ
ಅರ್ಧ ಚಮಚ ಅರಿಶಿನ
3 ಈರುಳ್ಳಿ • 2 ಚಮಚ ಶುಂಠಿ ಪೇಸ್ಟ್
2 ಚಮಚ ಬೆಳ್ಳುಳ್ಳಿ ಪೇಸ್ಟ್
3 ಹಸಿ ಮೆಣಸಿನಕಾಯಿ • 2 ಟೊಮೆಟೊ
ಎಣ್ಣೆ • ರುಚಿಗೆ ತಕ್ಕ ಉಪ್ಪು • ಕರಿಬೇವಿನ ಎಲೆ
ಮಾಡುವ ವಿಧಾನ :
ಚಿಕನ್ ಅನ್ನು ತೊಳೆದು ಮತ್ತು ರುಚಿಗೆ ತಕ್ಕ ಉಪ್ಪು ಹಾಕಿ ಬೇಯಿಸಬೇಕು. ನಂತರ ಒಂದು ಬಟ್ಟಲಿನಲ್ಲಿ ಮೊಸರು, ಖಾರದ ಪುಡಿ, ಗರಂ ಮಸಾಲಾ, ಶುಂಠಿ ಬೆಳ್ಳುಳ್ಳಿ ಪೇಸ್ಟ್ ಮತ್ತು ಉಪ್ಪು ಸೇರಿಸಿ ಚೆನ್ನಾಗಿ ಮಿಶ್ರಣ ಮಾಡಿ. ಬೇಯಿಸಿದ ಚಿಕನ್ ತುಂಡುಗಳನ್ನು ಮಿಶ್ರಣಕ್ಕೆ ಸೇರಿಸಿ ಅರ್ಧ ಗಂಟೆ ನೆನೆಸಿಡಿ. ಬಾಣಲೆಯಲ್ಲಿ ಎಣ್ಣೆ ಕಾಯಿಸಿ ಚಿಕನ್ ತುಂಡುಗಳನ್ನು ಗರಿಗರಿಯಾಗುವವರೆಗೆ ಕರಿಯಿರಿ. ಬೇರೆ ಬಾಣಲೆಯಲ್ಲಿ ಸ್ವಲ್ಪ ಎಣ್ಣೆ ಹಾಕಿ ಕರಿಬೇವು, ಹಸಿಮೆಣಸಿನಕಾಯಿ, ಬೆಳ್ಳುಳ್ಳಿ ಹುರಿದು ಕರಿದ ಚಿಕನ್ ಸೇರಿಸಿ. ಮೇಲೆ ನಿಂಬೆ ರಸ ಹಿಂಡಿ ಕೊತ್ತಂಬರಿ ಸೊಪ್ಪಿನಿಂದ ಅಲಂಕರಿಸಿ. ಈಗ ರುಚಿಕರವಾದ ಚಿಕನ್ 65 ಸವಿಯಲು ಸಿದ್ಧ. ಇದನ್ನು ಚಪಾತಿ ಅಥವಾ ಅನ್ನದ ಜೊತೆ ಸೇವಿಸಬಹುದು.
